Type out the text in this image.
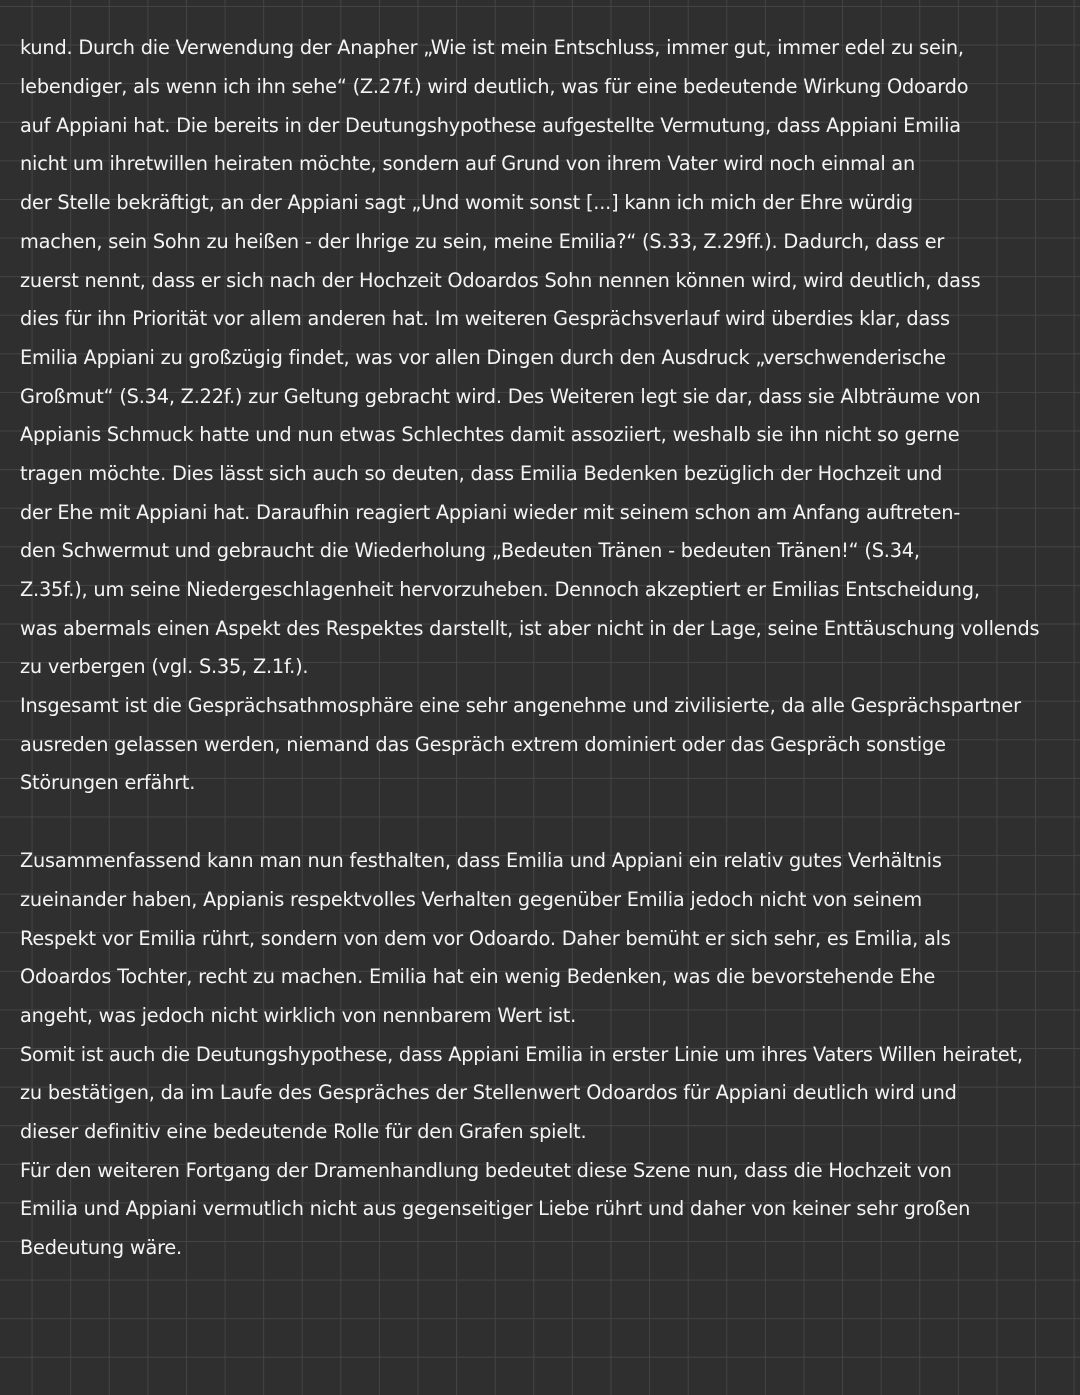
kund. Durch die Verwendung der Anapher „Wie ist mein Entschluss, immer gut, immer edel zu sein,
lebendiger, als wenn ich ihn sehe“ (Z.27f.) wird deutlich, was für eine bedeutende Wirkung Odoardo
auf Appiani hat. Die bereits in der Deutungshypothese aufgestellte Vermutung, dass Appiani Emilia
nicht um ihretwillen heiraten möchte, sondern auf Grund von ihrem Vater wird noch einmal an
der Stelle bekräftigt, an der Appiani sagt „Und womit sonst [...] kann ich mich der Ehre würdig
machen, sein Sohn zu heißen - der Ihrige zu sein, meine Emilia?“ (S.33, Z.29ff.). Dadurch, dass er
zuerst nennt, dass er sich nach der Hochzeit Odoardos Sohn nennen können wird, wird deutlich, dass
dies für ihn Priorität vor allem anderen hat. Im weiteren Gesprächsverlauf wird überdies klar, dass
Emilia Appiani zu großzügig findet, was vor allen Dingen durch den Ausdruck „verschwenderische
Großmut“ (S.34, Z.22f.) zur Geltung gebracht wird. Des Weiteren legt sie dar, dass sie Albträume von
Appianis Schmuck hatte und nun etwas Schlechtes damit assoziiert, weshalb sie ihn nicht so gerne
tragen möchte. Dies lässt sich auch so deuten, dass Emilia Bedenken bezüglich der Hochzeit und
der Ehe mit Appiani hat. Daraufhin reagiert Appiani wieder mit seinem schon am Anfang auftreten-
den Schwermut und gebraucht die Wiederholung „Bedeuten Tränen - bedeuten Tränen!“ (S.34,
Z.35f.), um seine Niedergeschlagenheit hervorzuheben. Dennoch akzeptiert er Emilias Entscheidung,
was abermals einen Aspekt des Respektes darstellt, ist aber nicht in der Lage, seine Enttäuschung vollends
zu verbergen (vgl. S.35, Z.1f.).
Insgesamt ist die Gesprächsathmosphäre eine sehr angenehme und zivilisierte, da alle Gesprächspartner
ausreden gelassen werden, niemand das Gespräch extrem dominiert oder das Gespräch sonstige
Störungen erfährt.
Zusammenfassend kann man nun festhalten, dass Emilia und Appiani ein relativ gutes Verhältnis
zueinander haben, Appianis respektvolles Verhalten gegenüber Emilia jedoch nicht von seinem
Respekt vor Emilia rührt, sondern von dem vor Odoardo. Daher bemüht er sich sehr, es Emilia, als
Odoardos Tochter, recht zu machen. Emilia hat ein wenig Bedenken, was die bevorstehende Ehe
angeht, was jedoch nicht wirklich von nennbarem Wert ist.
Somit ist auch die Deutungshypothese, dass Appiani Emilia in erster Linie um ihres Vaters Willen heiratet,
zu bestätigen, da im Laufe des Gespräches der Stellenwert Odoardos für Appiani deutlich wird und
dieser definitiv eine bedeutende Rolle für den Grafen spielt.
Für den weiteren Fortgang der Dramenhandlung bedeutet diese Szene nun, dass die Hochzeit von
Emilia und Appiani vermutlich nicht aus gegenseitiger Liebe rührt und daher von keiner sehr großen
Bedeutung wäre.
